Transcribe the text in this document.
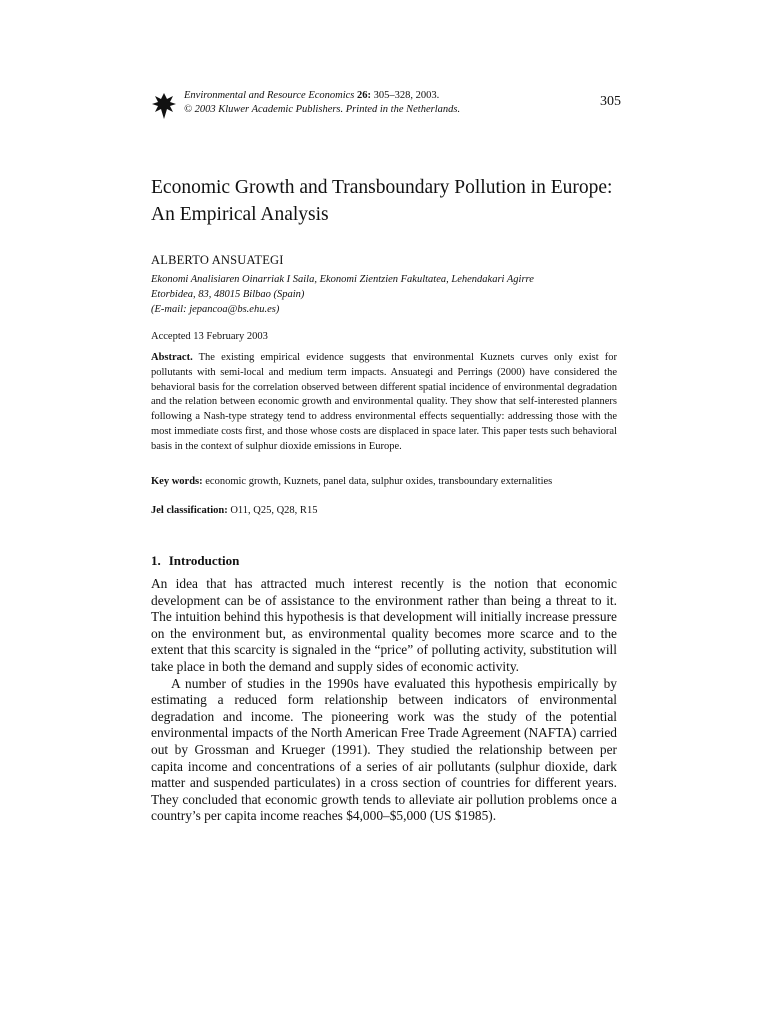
Environmental and Resource Economics 26: 305–328, 2003.
© 2003 Kluwer Academic Publishers. Printed in the Netherlands.
305
Economic Growth and Transboundary Pollution in Europe: An Empirical Analysis
ALBERTO ANSUATEGI
Ekonomi Analisiaren Oinarriak I Saila, Ekonomi Zientzien Fakultatea, Lehendakari Agirre
Etorbidea, 83, 48015 Bilbao (Spain)
(E-mail: jepancoa@bs.ehu.es)
Accepted 13 February 2003

Abstract. The existing empirical evidence suggests that environmental Kuznets curves only exist for pollutants with semi-local and medium term impacts. Ansuategi and Perrings (2000) have considered the behavioral basis for the correlation observed between different spatial incidence of environmental degradation and the relation between economic growth and environmental quality. They show that self-interested planners following a Nash-type strategy tend to address environmental effects sequentially: addressing those with the most immediate costs first, and those whose costs are displaced in space later. This paper tests such behavioral basis in the context of sulphur dioxide emissions in Europe.

Key words: economic growth, Kuznets, panel data, sulphur oxides, transboundary externalities
Jel classification: O11, Q25, Q28, R15
1. Introduction

An idea that has attracted much interest recently is the notion that economic development can be of assistance to the environment rather than being a threat to it. The intuition behind this hypothesis is that development will initially increase pressure on the environment but, as environmental quality becomes more scarce and to the extent that this scarcity is signaled in the “price” of polluting activity, substitution will take place in both the demand and supply sides of economic activity.

A number of studies in the 1990s have evaluated this hypothesis empirically by estimating a reduced form relationship between indicators of environmental degradation and income. The pioneering work was the study of the potential environmental impacts of the North American Free Trade Agreement (NAFTA) carried out by Grossman and Krueger (1991). They studied the relationship between per capita income and concentrations of a series of air pollutants (sulphur dioxide, dark matter and suspended particulates) in a cross section of countries for different years. They concluded that economic growth tends to alleviate air pollution problems once a country’s per capita income reaches $4,000–$5,000 (US $1985).
